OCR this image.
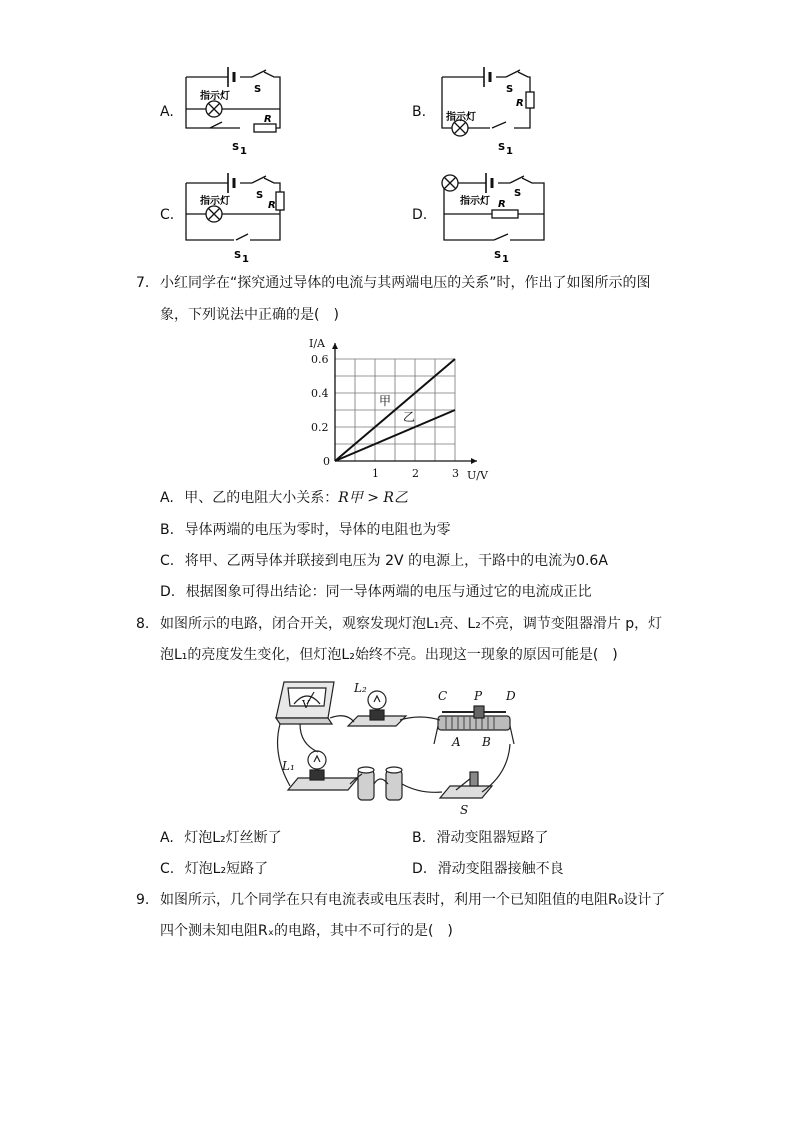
A.
指示灯
S
R
S 1
B. 指示灯
S
R
S 1
C.
指示灯
S
R
S 1
D.
指示灯
S
R
S 1
7. 小红同学在“探究通过导体的电流与其两端电压的关系”时，作出了如图所示的图
象，下列说法中正确的是(　)
甲
乙
1	2	3
0.2
0.4
0.6
0
U/V
I/A
A. 甲、乙的电阻大小关系：R甲 > R乙
B. 导体两端的电压为零时，导体的电阻也为零
C. 将甲、乙两导体并联接到电压为 2V 的电源上，干路中的电流为0.6A
D. 根据图象可得出结论：同一导体两端的电压与通过它的电流成正比
8. 如图所示的电路，闭合开关，观察发现灯泡L₁亮、L₂不亮，调节变阻器滑片 p，灯
泡L₁的亮度发生变化，但灯泡L₂始终不亮。出现这一现象的原因可能是(　)
V
L₂
L₁
C P D
A B
S
A. 灯泡L₂灯丝断了	B. 滑动变阻器短路了
C. 灯泡L₂短路了	D. 滑动变阻器接触不良
9. 如图所示，几个同学在只有电流表或电压表时，利用一个已知阻值的电阻R₀设计了
四个测未知电阻Rₓ的电路，其中不可行的是(　)
